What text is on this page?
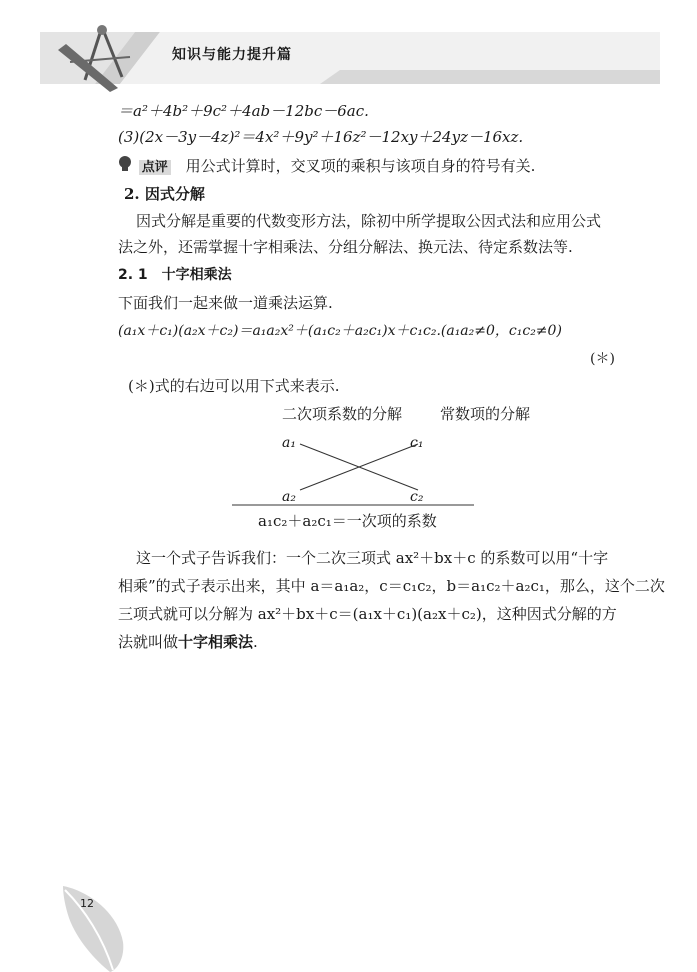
知识与能力提升篇
＝a²＋4b²＋9c²＋4ab－12bc－6ac.
(3)(2x－3y－4z)²＝4x²＋9y²＋16z²－12xy＋24yz－16xz.
点评 用公式计算时，交叉项的乘积与该项自身的符号有关.
2. 因式分解
因式分解是重要的代数变形方法，除初中所学提取公因式法和应用公式
法之外，还需掌握十字相乘法、分组分解法、换元法、待定系数法等.
2. 1　十字相乘法
下面我们一起来做一道乘法运算.
(a₁x＋c₁)(a₂x＋c₂)＝a₁a₂x²＋(a₁c₂＋a₂c₁)x＋c₁c₂.(a₁a₂≠0，c₁c₂≠0)
(＊)
(＊)式的右边可以用下式来表示.
二次项系数的分解	常数项的分解
a₁	c₁
a₂	c₂
a₁c₂＋a₂c₁＝一次项的系数
这一个式子告诉我们：一个二次三项式 ax²＋bx＋c 的系数可以用“十字
相乘”的式子表示出来，其中 a＝a₁a₂，c＝c₁c₂，b＝a₁c₂＋a₂c₁，那么，这个二次
三项式就可以分解为 ax²＋bx＋c＝(a₁x＋c₁)(a₂x＋c₂)，这种因式分解的方
法就叫做十字相乘法.
12
